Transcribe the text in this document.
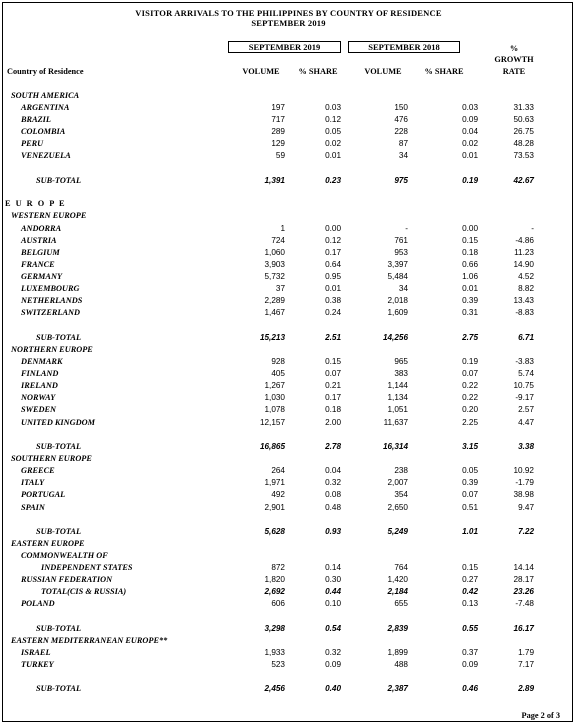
VISITOR ARRIVALS TO THE PHILIPPINES BY COUNTRY OF RESIDENCE
SEPTEMBER 2019
SEPTEMBER 2019	SEPTEMBER 2018	%
GROWTH
RATE
Country of Residence	VOLUME	% SHARE	VOLUME	% SHARE
SOUTH AMERICA
ARGENTINA	197	0.03	150	0.03	31.33
BRAZIL	717	0.12	476	0.09	50.63
COLOMBIA	289	0.05	228	0.04	26.75
PERU	129	0.02	87	0.02	48.28
VENEZUELA	59	0.01	34	0.01	73.53
SUB-TOTAL	1,391	0.23	975	0.19	42.67
E U R O P E
WESTERN EUROPE
ANDORRA	1	0.00	-	0.00	-
AUSTRIA	724	0.12	761	0.15	-4.86
BELGIUM	1,060	0.17	953	0.18	11.23
FRANCE	3,903	0.64	3,397	0.66	14.90
GERMANY	5,732	0.95	5,484	1.06	4.52
LUXEMBOURG	37	0.01	34	0.01	8.82
NETHERLANDS	2,289	0.38	2,018	0.39	13.43
SWITZERLAND	1,467	0.24	1,609	0.31	-8.83
SUB-TOTAL	15,213	2.51	14,256	2.75	6.71
NORTHERN EUROPE
DENMARK	928	0.15	965	0.19	-3.83
FINLAND	405	0.07	383	0.07	5.74
IRELAND	1,267	0.21	1,144	0.22	10.75
NORWAY	1,030	0.17	1,134	0.22	-9.17
SWEDEN	1,078	0.18	1,051	0.20	2.57
UNITED KINGDOM	12,157	2.00	11,637	2.25	4.47
SUB-TOTAL	16,865	2.78	16,314	3.15	3.38
SOUTHERN EUROPE
GREECE	264	0.04	238	0.05	10.92
ITALY	1,971	0.32	2,007	0.39	-1.79
PORTUGAL	492	0.08	354	0.07	38.98
SPAIN	2,901	0.48	2,650	0.51	9.47
SUB-TOTAL	5,628	0.93	5,249	1.01	7.22
EASTERN EUROPE
COMMONWEALTH OF
INDEPENDENT STATES	872	0.14	764	0.15	14.14
RUSSIAN FEDERATION	1,820	0.30	1,420	0.27	28.17
TOTAL(CIS & RUSSIA)	2,692	0.44	2,184	0.42	23.26
POLAND	606	0.10	655	0.13	-7.48
SUB-TOTAL	3,298	0.54	2,839	0.55	16.17
EASTERN MEDITERRANEAN EUROPE**
ISRAEL	1,933	0.32	1,899	0.37	1.79
TURKEY	523	0.09	488	0.09	7.17
SUB-TOTAL	2,456	0.40	2,387	0.46	2.89
Page 2 of 3
